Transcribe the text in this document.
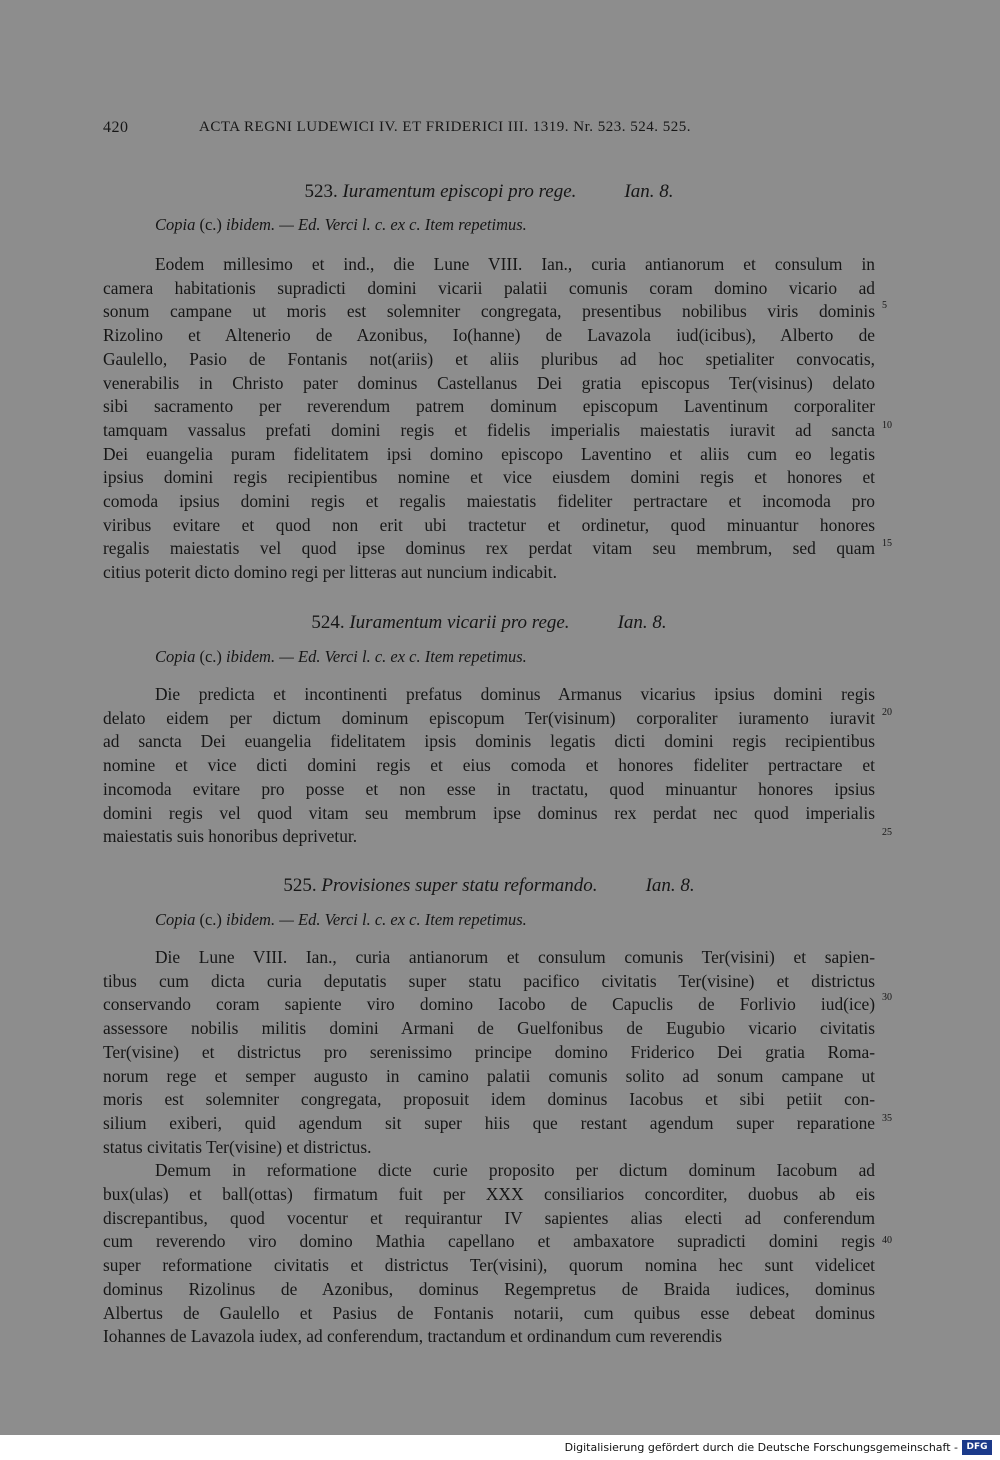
420	ACTA REGNI LUDEWICI IV. ET FRIDERICI III. 1319. Nr. 523. 524. 525.
523. Iuramentum episcopi pro rege.	Ian. 8.
Copia (c.) ibidem. — Ed. Verci l. c. ex c. Item repetimus.
Eodem millesimo et ind., die Lune VIII. Ian., curia antianorum et consulum in
camera habitationis supradicti domini vicarii palatii comunis coram domino vicario ad
sonum campane ut moris est solemniter congregata, presentibus nobilibus viris dominis
Rizolino et Altenerio de Azonibus, Io(hanne) de Lavazola iud(icibus), Alberto de
Gaulello, Pasio de Fontanis not(ariis) et aliis pluribus ad hoc spetialiter convocatis,
venerabilis in Christo pater dominus Castellanus Dei gratia episcopus Ter(visinus) delato
sibi sacramento per reverendum patrem dominum episcopum Laventinum corporaliter
tamquam vassalus prefati domini regis et fidelis imperialis maiestatis iuravit ad sancta
Dei euangelia puram fidelitatem ipsi domino episcopo Laventino et aliis cum eo legatis
ipsius domini regis recipientibus nomine et vice eiusdem domini regis et honores et
comoda ipsius domini regis et regalis maiestatis fideliter pertractare et incomoda pro
viribus evitare et quod non erit ubi tractetur et ordinetur, quod minuantur honores
regalis maiestatis vel quod ipse dominus rex perdat vitam seu membrum, sed quam
citius poterit dicto domino regi per litteras aut nuncium indicabit.
524. Iuramentum vicarii pro rege.	Ian. 8.
Copia (c.) ibidem. — Ed. Verci l. c. ex c. Item repetimus.
Die predicta et incontinenti prefatus dominus Armanus vicarius ipsius domini regis
delato eidem per dictum dominum episcopum Ter(visinum) corporaliter iuramento iuravit
ad sancta Dei euangelia fidelitatem ipsis dominis legatis dicti domini regis recipientibus
nomine et vice dicti domini regis et eius comoda et honores fideliter pertractare et
incomoda evitare pro posse et non esse in tractatu, quod minuantur honores ipsius
domini regis vel quod vitam seu membrum ipse dominus rex perdat nec quod imperialis
maiestatis suis honoribus deprivetur.
525. Provisiones super statu reformando.	Ian. 8.
Copia (c.) ibidem. — Ed. Verci l. c. ex c. Item repetimus.
Die Lune VIII. Ian., curia antianorum et consulum comunis Ter(visini) et sapien-
tibus cum dicta curia deputatis super statu pacifico civitatis Ter(visine) et districtus
conservando coram sapiente viro domino Iacobo de Capuclis de Forlivio iud(ice)
assessore nobilis militis domini Armani de Guelfonibus de Eugubio vicario civitatis
Ter(visine) et districtus pro serenissimo principe domino Friderico Dei gratia Roma-
norum rege et semper augusto in camino palatii comunis solito ad sonum campane ut
moris est solemniter congregata, proposuit idem dominus Iacobus et sibi petiit con-
silium exiberi, quid agendum sit super hiis que restant agendum super reparatione
status civitatis Ter(visine) et districtus.
Demum in reformatione dicte curie proposito per dictum dominum Iacobum ad
bux(ulas) et ball(ottas) firmatum fuit per XXX consiliarios concorditer, duobus ab eis
discrepantibus, quod vocentur et requirantur IV sapientes alias electi ad conferendum
cum reverendo viro domino Mathia capellano et ambaxatore supradicti domini regis
super reformatione civitatis et districtus Ter(visini), quorum nomina hec sunt videlicet
dominus Rizolinus de Azonibus, dominus Regempretus de Braida iudices, dominus
Albertus de Gaulello et Pasius de Fontanis notarii, cum quibus esse debeat dominus
Iohannes de Lavazola iudex, ad conferendum, tractandum et ordinandum cum reverendis
5
10
15
20
25
30
35
40
Digitalisierung gefördert durch die Deutsche Forschungsgemeinschaft - DFG
